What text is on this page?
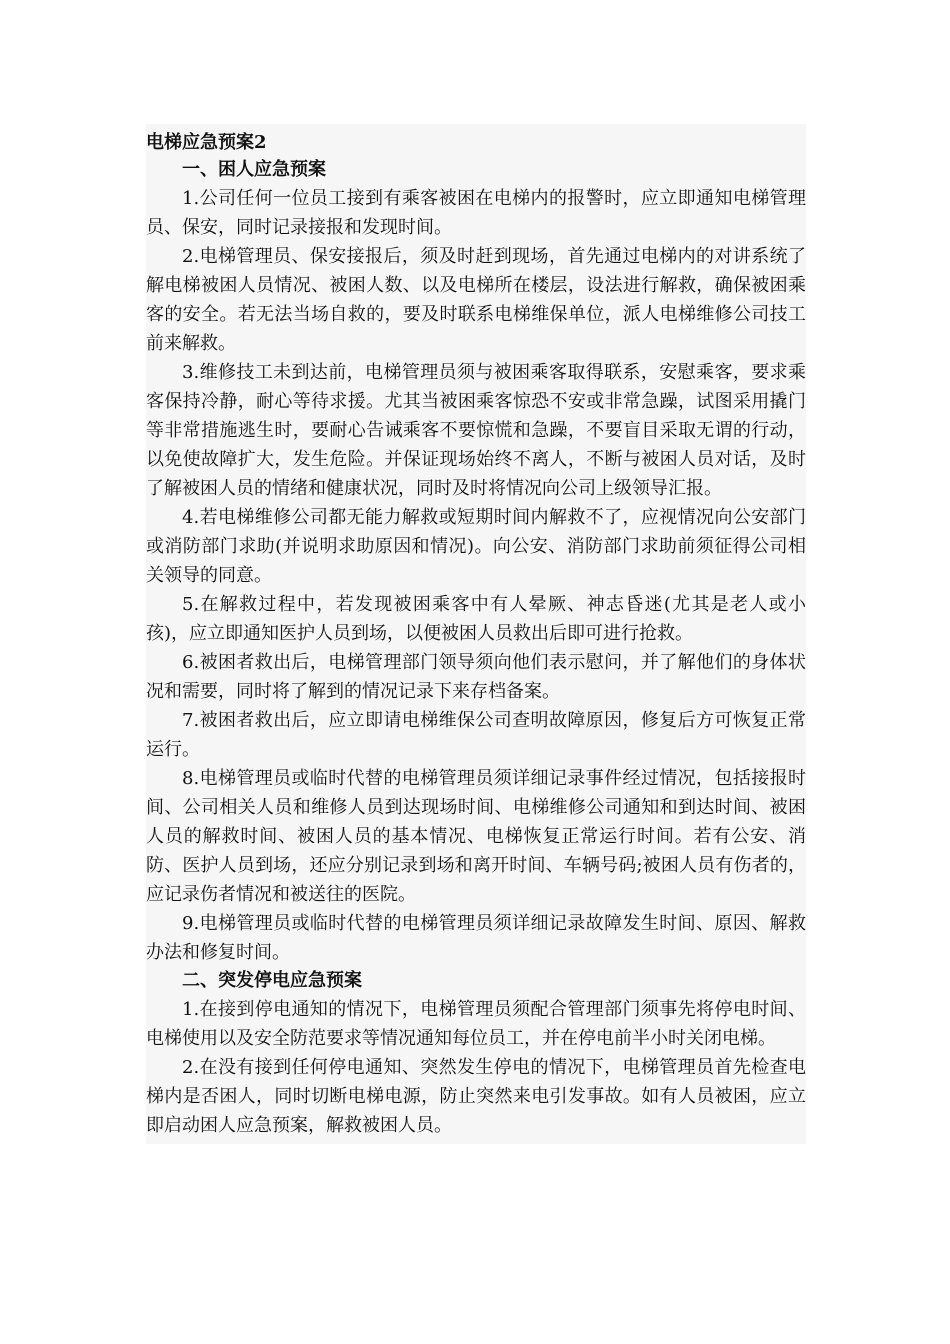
电梯应急预案2

一、困人应急预案

1.公司任何一位员工接到有乘客被困在电梯内的报警时，应立即通知电梯管理员、保安，同时记录接报和发现时间。

2.电梯管理员、保安接报后，须及时赶到现场，首先通过电梯内的对讲系统了解电梯被困人员情况、被困人数、以及电梯所在楼层，设法进行解救，确保被困乘客的安全。若无法当场自救的，要及时联系电梯维保单位，派人电梯维修公司技工前来解救。

3.维修技工未到达前，电梯管理员须与被困乘客取得联系，安慰乘客，要求乘客保持冷静，耐心等待求援。尤其当被困乘客惊恐不安或非常急躁，试图采用撬门等非常措施逃生时，要耐心告诫乘客不要惊慌和急躁，不要盲目采取无谓的行动，以免使故障扩大，发生危险。并保证现场始终不离人，不断与被困人员对话，及时了解被困人员的情绪和健康状况，同时及时将情况向公司上级领导汇报。

4.若电梯维修公司都无能力解救或短期时间内解救不了，应视情况向公安部门或消防部门求助(并说明求助原因和情况)。向公安、消防部门求助前须征得公司相关领导的同意。

5.在解救过程中，若发现被困乘客中有人晕厥、神志昏迷(尤其是老人或小孩)，应立即通知医护人员到场，以便被困人员救出后即可进行抢救。

6.被困者救出后，电梯管理部门领导须向他们表示慰问，并了解他们的身体状况和需要，同时将了解到的情况记录下来存档备案。

7.被困者救出后，应立即请电梯维保公司查明故障原因，修复后方可恢复正常运行。

8.电梯管理员或临时代替的电梯管理员须详细记录事件经过情况，包括接报时间、公司相关人员和维修人员到达现场时间、电梯维修公司通知和到达时间、被困人员的解救时间、被困人员的基本情况、电梯恢复正常运行时间。若有公安、消防、医护人员到场，还应分别记录到场和离开时间、车辆号码;被困人员有伤者的，应记录伤者情况和被送往的医院。

9.电梯管理员或临时代替的电梯管理员须详细记录故障发生时间、原因、解救办法和修复时间。

二、突发停电应急预案

1.在接到停电通知的情况下，电梯管理员须配合管理部门须事先将停电时间、电梯使用以及安全防范要求等情况通知每位员工，并在停电前半小时关闭电梯。

2.在没有接到任何停电通知、突然发生停电的情况下，电梯管理员首先检查电梯内是否困人，同时切断电梯电源，防止突然来电引发事故。如有人员被困，应立即启动困人应急预案，解救被困人员。
